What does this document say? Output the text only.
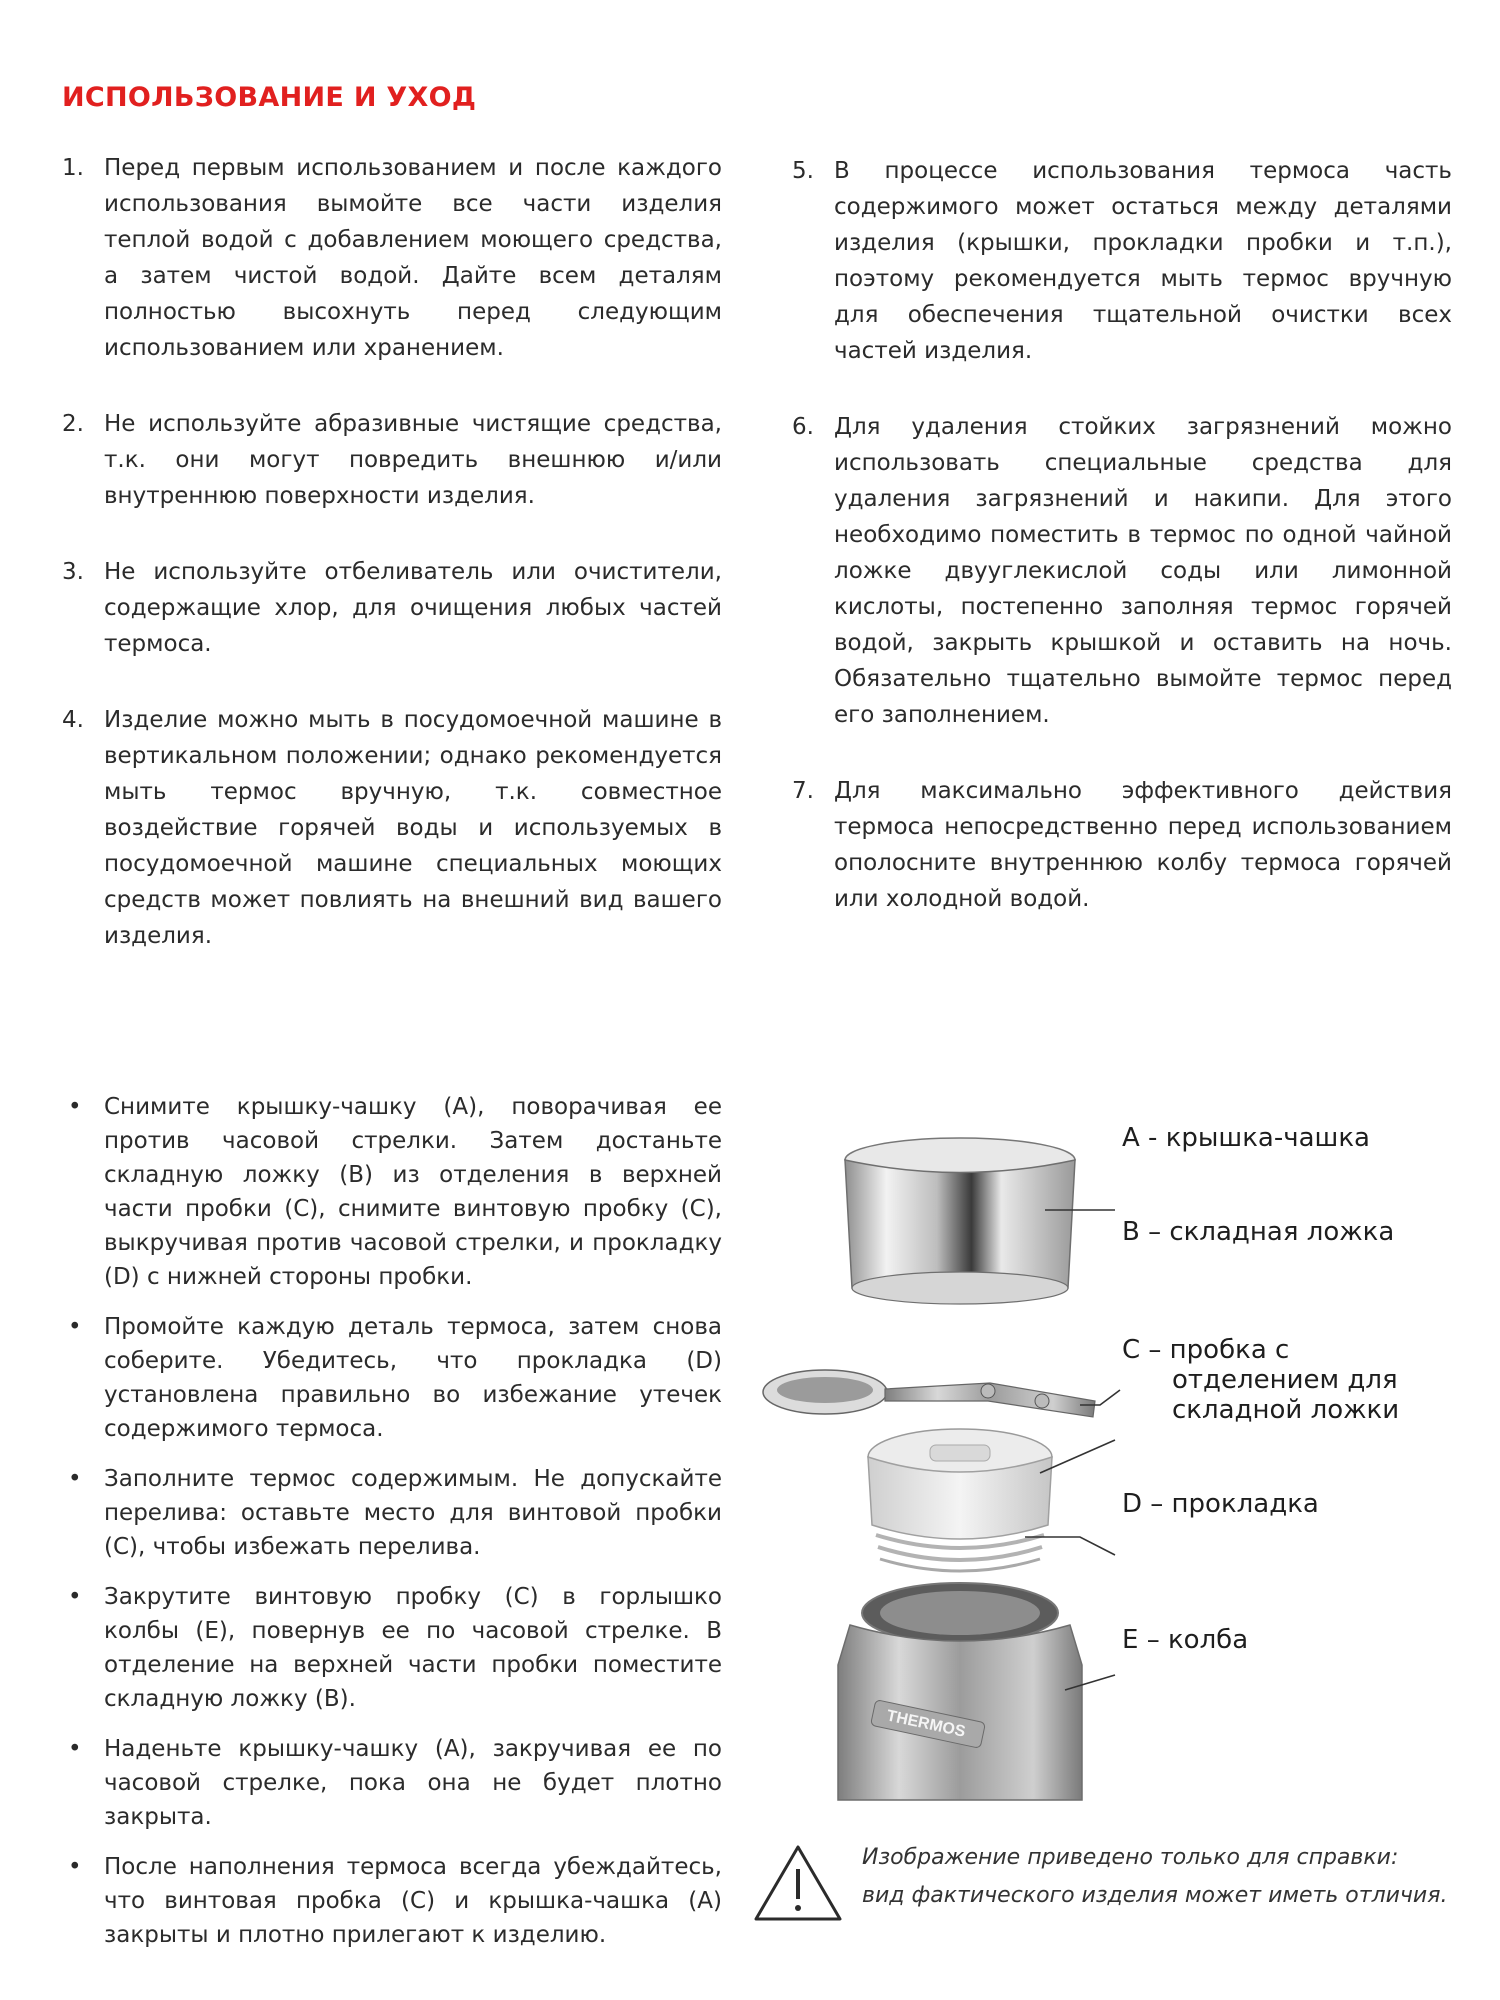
ИСПОЛЬЗОВАНИЕ И УХОД
1. Перед первым использованием и после каждого использования вымойте все части изделия теплой водой с добавлением моющего средства, а затем чистой водой. Дайте всем деталям полностью высохнуть перед следующим использованием или хранением.
2. Не используйте абразивные чистящие средства, т.к. они могут повредить внешнюю и/или внутреннюю поверхности изделия.
3. Не используйте отбеливатель или очистители, содержащие хлор, для очищения любых частей термоса.
4. Изделие можно мыть в посудомоечной машине в вертикальном положении; однако рекомендуется мыть термос вручную, т.к. совместное воздействие горячей воды и используемых в посудомоечной машине специальных моющих средств может повлиять на внешний вид вашего изделия.
5. В процессе использования термоса часть содержимого может остаться между деталями изделия (крышки, прокладки пробки и т.п.), поэтому рекомендуется мыть термос вручную для обеспечения тщательной очистки всех частей изделия.
6. Для удаления стойких загрязнений можно использовать специальные средства для удаления загрязнений и накипи. Для этого необходимо поместить в термос по одной чайной ложке двууглекислой соды или лимонной кислоты, постепенно заполняя термос горячей водой, закрыть крышкой и оставить на ночь. Обязательно тщательно вымойте термос перед его заполнением.
7. Для максимально эффективного действия термоса непосредственно перед использованием ополосните внутреннюю колбу термоса горячей или холодной водой.
• Снимите крышку-чашку (A), поворачивая ее против часовой стрелки. Затем достаньте складную ложку (B) из отделения в верхней части пробки (C), снимите винтовую пробку (C), выкручивая против часовой стрелки, и прокладку (D) с нижней стороны пробки.
• Промойте каждую деталь термоса, затем снова соберите. Убедитесь, что прокладка (D) установлена правильно во избежание утечек содержимого термоса.
• Заполните термос содержимым. Не допускайте перелива: оставьте место для винтовой пробки (C), чтобы избежать перелива.
• Закрутите винтовую пробку (C) в горлышко колбы (E), повернув ее по часовой стрелке. В отделение на верхней части пробки поместите складную ложку (B).
• Наденьте крышку-чашку (A), закручивая ее по часовой стрелке, пока она не будет плотно закрыта.
• После наполнения термоса всегда убеждайтесь, что винтовая пробка (C) и крышка-чашка (A) закрыты и плотно прилегают к изделию.
THERMOS
A - крышка-чашка
B – складная ложка
C – пробка с
отделением для
складной ложки
D – прокладка
E – колба

Изображение приведено только для справки:

вид фактического изделия может иметь отличия.
